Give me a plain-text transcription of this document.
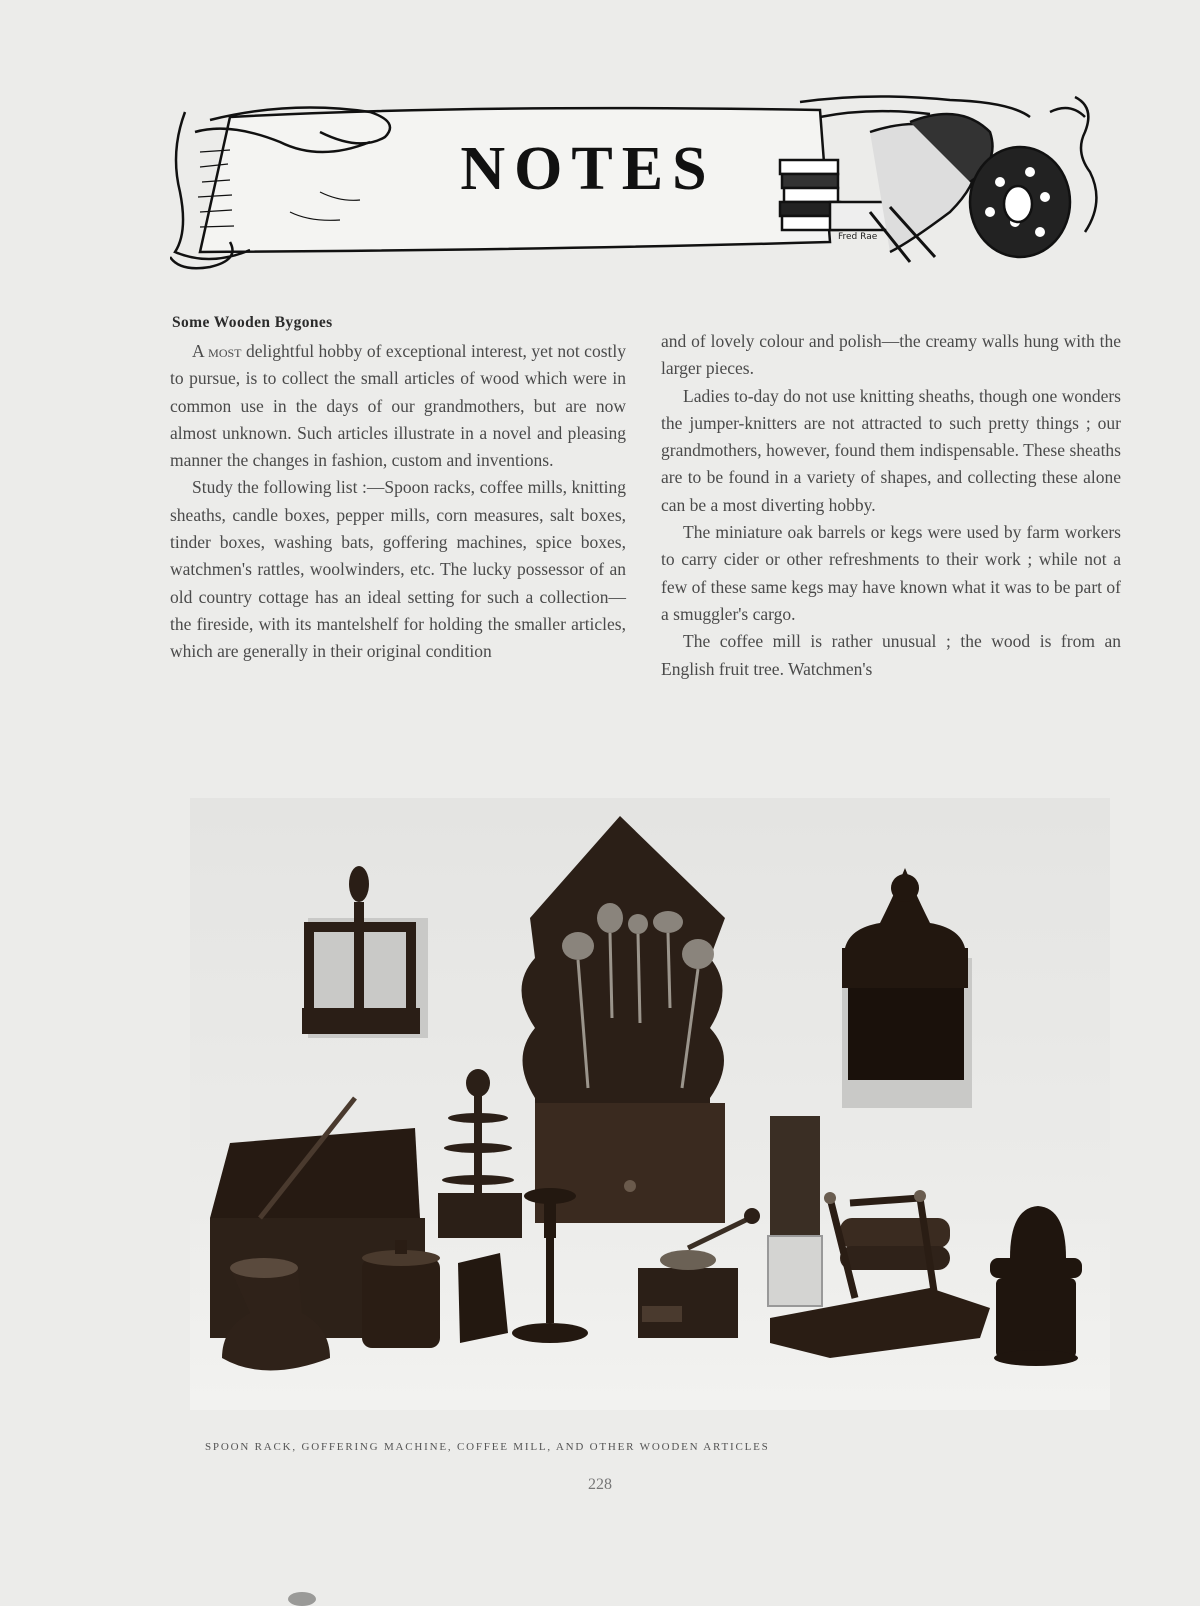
NOTES
Fred Rae
Some Wooden Bygones

A most delightful hobby of exceptional interest, yet not costly to pursue, is to collect the small articles of wood which were in common use in the days of our grandmothers, but are now almost unknown. Such articles illustrate in a novel and pleasing manner the changes in fashion, custom and inventions.

Study the following list :—Spoon racks, coffee mills, knitting sheaths, candle boxes, pepper mills, corn measures, salt boxes, tinder boxes, washing bats, goffering machines, spice boxes, watchmen's rattles, woolwinders, etc. The lucky possessor of an old country cottage has an ideal setting for such a collection—the fireside, with its mantelshelf for holding the smaller articles, which are generally in their original condition

and of lovely colour and polish—the creamy walls hung with the larger pieces.

Ladies to-day do not use knitting sheaths, though one wonders the jumper-knitters are not attracted to such pretty things ; our grandmothers, however, found them indispensable. These sheaths are to be found in a variety of shapes, and collecting these alone can be a most diverting hobby.

The miniature oak barrels or kegs were used by farm workers to carry cider or other refreshments to their work ; while not a few of these same kegs may have known what it was to be part of a smuggler's cargo.

The coffee mill is rather unusual ; the wood is from an English fruit tree. Watchmen's

SPOON RACK, GOFFERING MACHINE, COFFEE MILL, AND OTHER WOODEN ARTICLES
228
